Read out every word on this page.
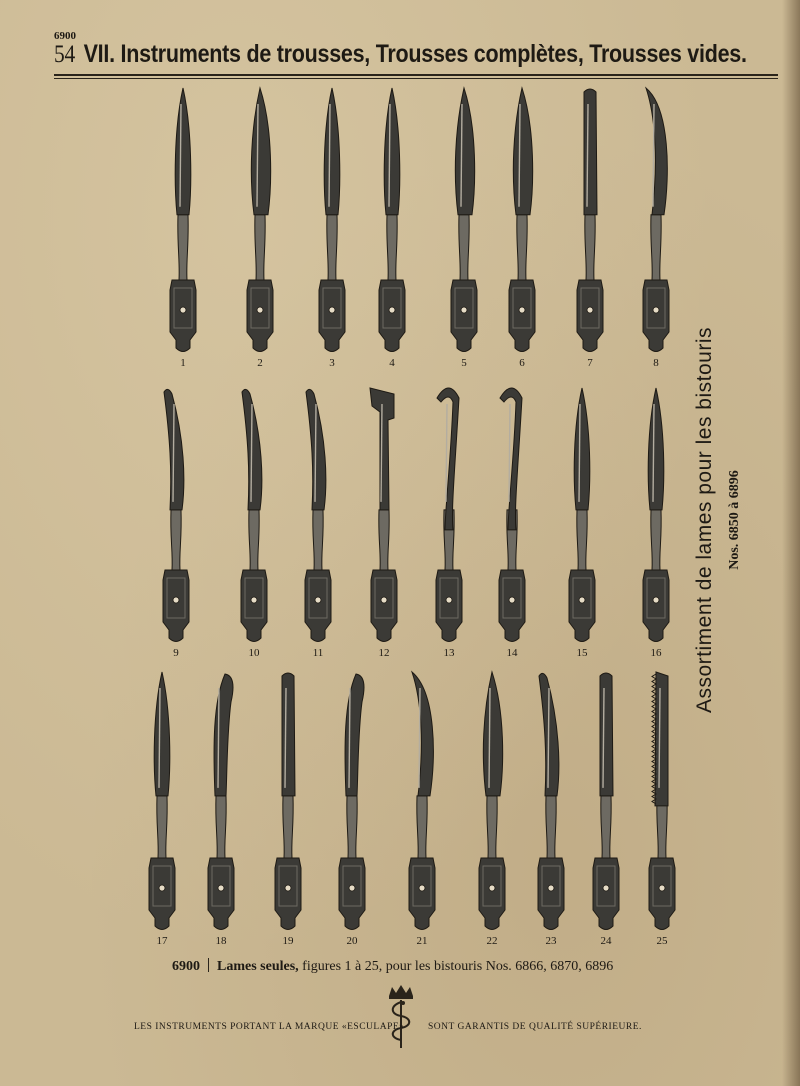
6900
54 VII. Instruments de trousses, Trousses complètes, Trousses vides.
1	2	3	4	5	6	7	8
9	10	11	12	13	14	15	16
17	18	19	20	21	22	23	24	25
Assortiment de lames pour les bistouris Nos. 6850 à 6896
6900 Lames seules, figures 1 à 25, pour les bistouris Nos. 6866, 6870, 6896
LES INSTRUMENTS PORTANT LA MARQUE «ESCULAPE» SONT GARANTIS DE QUALITÉ SUPÉRIEURE.
